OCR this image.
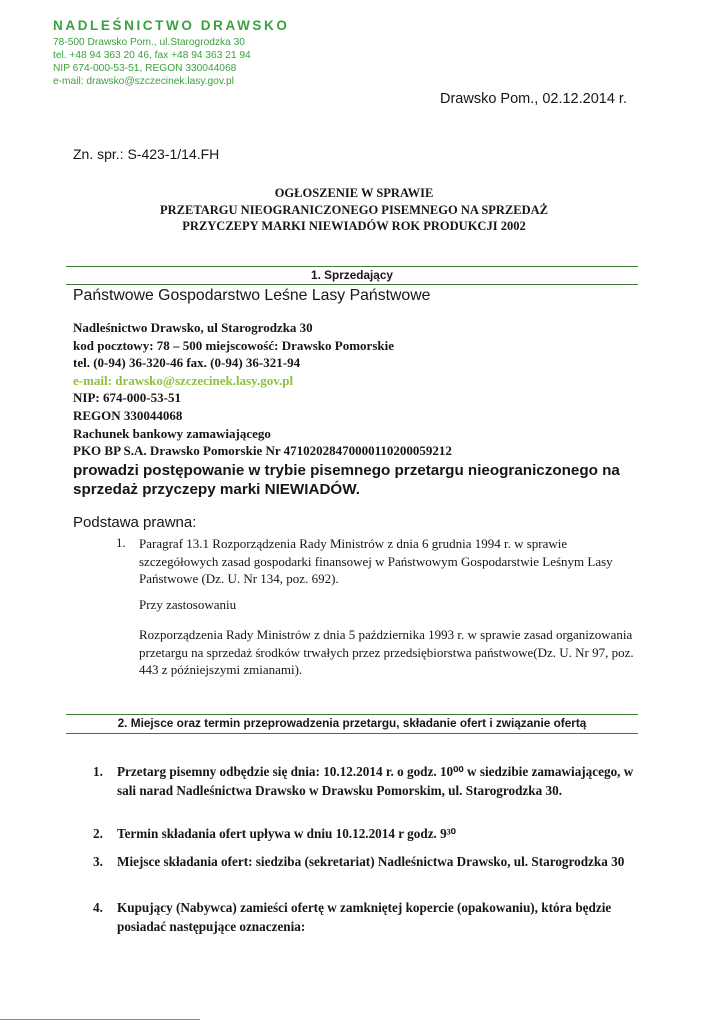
NADLEŚNICTWO DRAWSKO
78-500 Drawsko Pom., ul.Starogrodzka 30
tel. +48 94 363 20 46, fax +48 94 363 21 94
NIP 674-000-53-51, REGON 330044068
e-mail: drawsko@szczecinek.lasy.gov.pl
Drawsko Pom., 02.12.2014 r.
Zn. spr.: S-423-1/14.FH
OGŁOSZENIE W SPRAWIE
PRZETARGU NIEOGRANICZONEGO PISEMNEGO NA SPRZEDAŻ
PRZYCZEPY MARKI NIEWIADÓW ROK PRODUKCJI 2002
1. Sprzedający
Państwowe Gospodarstwo Leśne Lasy Państwowe
Nadleśnictwo Drawsko, ul Starogrodzka 30
kod pocztowy: 78 – 500 miejscowość: Drawsko Pomorskie
tel. (0-94) 36-320-46 fax. (0-94) 36-321-94
e-mail: drawsko@szczecinek.lasy.gov.pl
NIP: 674-000-53-51
REGON 330044068
Rachunek bankowy zamawiającego
PKO BP S.A. Drawsko Pomorskie Nr 47102028470000110200059212
prowadzi postępowanie w trybie pisemnego przetargu nieograniczonego na sprzedaż przyczepy marki NIEWIADÓW.
Podstawa prawna:
1. Paragraf 13.1 Rozporządzenia Rady Ministrów z dnia 6 grudnia 1994 r. w sprawie szczegółowych zasad gospodarki finansowej w Państwowym Gospodarstwie Leśnym Lasy Państwowe (Dz. U. Nr 134, poz. 692).
Przy zastosowaniu
Rozporządzenia Rady Ministrów z dnia 5 października 1993 r. w sprawie zasad organizowania przetargu na sprzedaż środków trwałych przez przedsiębiorstwa państwowe(Dz. U. Nr 97, poz. 443 z późniejszymi zmianami).
2. Miejsce oraz termin przeprowadzenia przetargu, składanie ofert i związanie ofertą
1. Przetarg pisemny odbędzie się dnia: 10.12.2014 r. o godz. 10⁰⁰ w siedzibie zamawiającego, w sali narad Nadleśnictwa Drawsko w Drawsku Pomorskim, ul. Starogrodzka 30.
2. Termin składania ofert upływa w dniu 10.12.2014 r godz. 9³⁰
3. Miejsce składania ofert: siedziba (sekretariat) Nadleśnictwa Drawsko, ul. Starogrodzka 30
4. Kupujący (Nabywca) zamieści ofertę w zamkniętej kopercie (opakowaniu), która będzie posiadać następujące oznaczenia:
